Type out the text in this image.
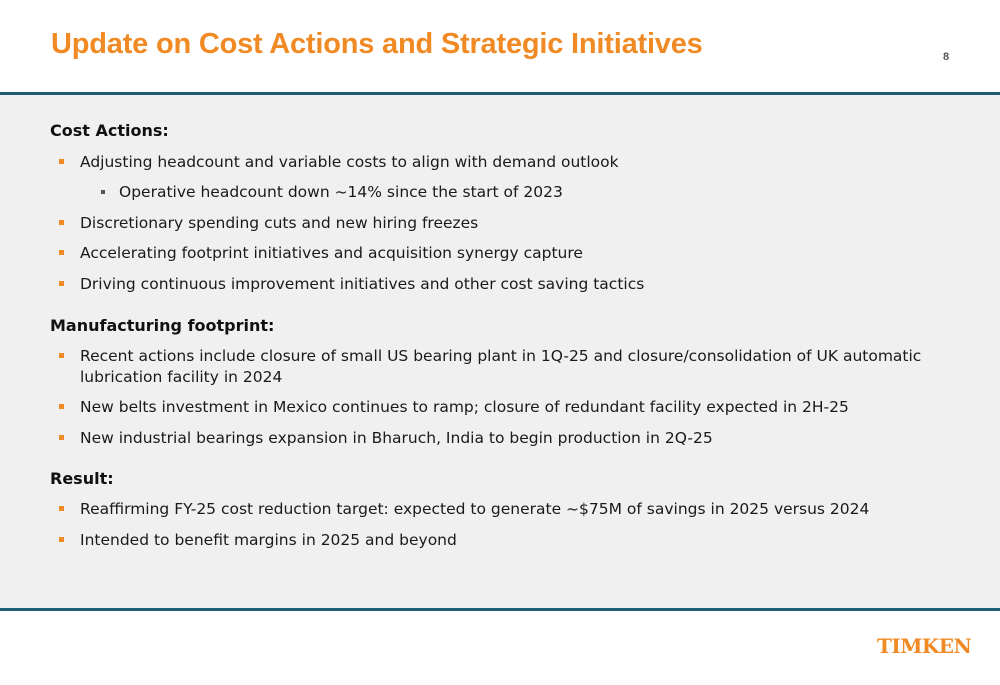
Update on Cost Actions and Strategic Initiatives	8
Cost Actions:
Adjusting headcount and variable costs to align with demand outlook
Operative headcount down ~14% since the start of 2023
Discretionary spending cuts and new hiring freezes
Accelerating footprint initiatives and acquisition synergy capture
Driving continuous improvement initiatives and other cost saving tactics
Manufacturing footprint:
Recent actions include closure of small US bearing plant in 1Q-25 and closure/consolidation of UK automatic lubrication facility in 2024
New belts investment in Mexico continues to ramp; closure of redundant facility expected in 2H-25
New industrial bearings expansion in Bharuch, India to begin production in 2Q-25
Result:
Reaffirming FY-25 cost reduction target: expected to generate ~$75M of savings in 2025 versus 2024
Intended to benefit margins in 2025 and beyond
TIMKEN
